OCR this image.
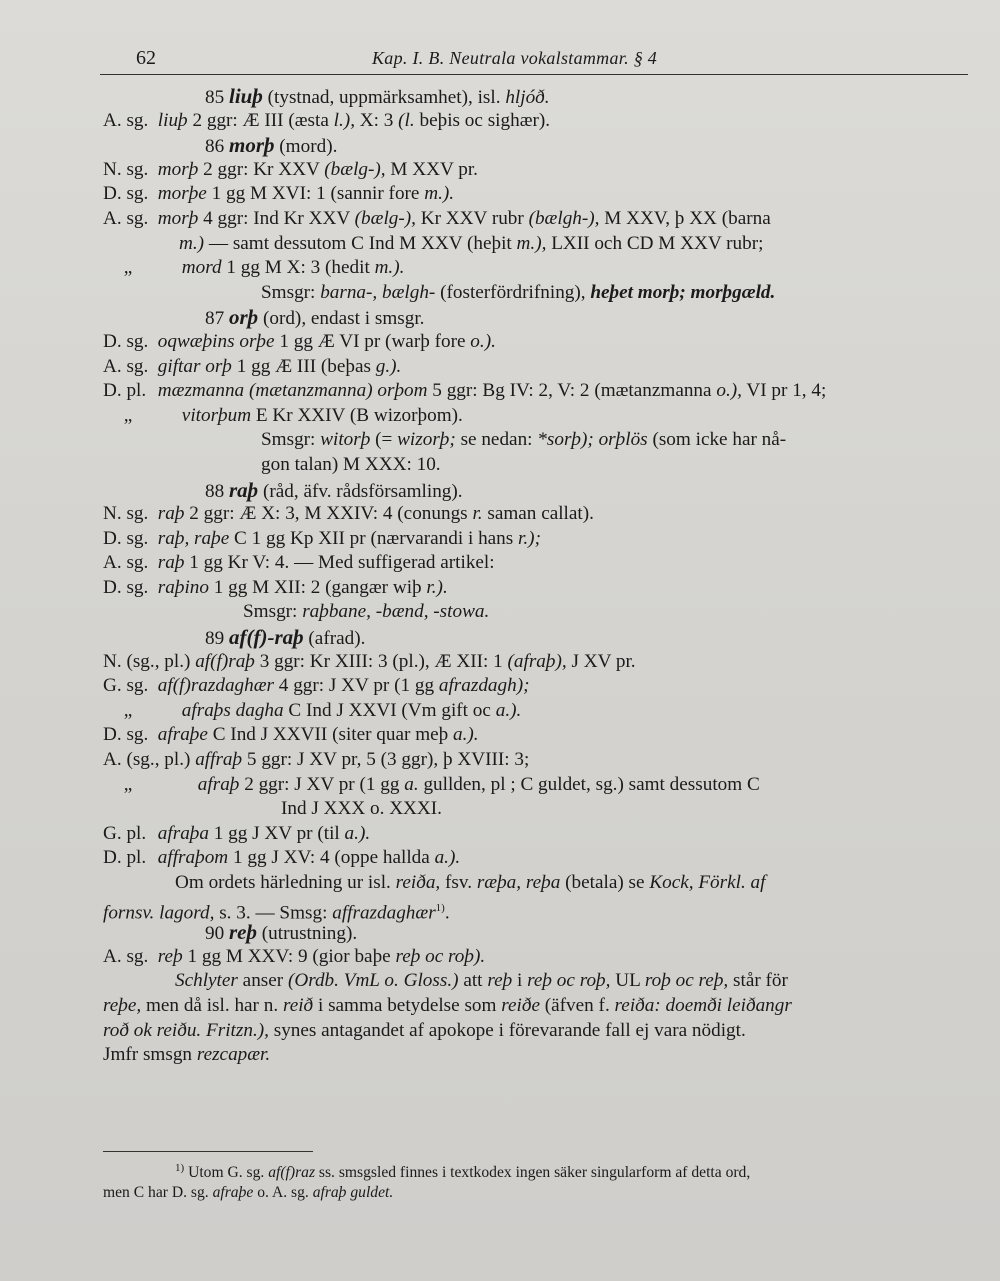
62	Kap. I. B. Neutrala vokalstammar. § 4
85 liuþ (tystnad, uppmärksamhet), isl. hljóð.
A. sg. liuþ 2 ggr: Æ III (æsta l.), X: 3 (l. beþis oc sighær).
86 morþ (mord).
N. sg. morþ 2 ggr: Kr XXV (bælg-), M XXV pr.
D. sg. morþe 1 gg M XVI: 1 (sannir fore m.).
A. sg. morþ 4 ggr: Ind Kr XXV (bælg-), Kr XXV rubr (bælgh-), M XXV, þ XX (barna
m.) — samt dessutom C Ind M XXV (heþit m.), LXII och CD M XXV rubr;
„	mord 1 gg M X: 3 (hedit m.).
Smsgr: barna-, bælgh- (fosterfördrifning), heþet morþ; morþgæld.
87 orþ (ord), endast i smsgr.
D. sg. oqwæþins orþe 1 gg Æ VI pr (warþ fore o.).
A. sg. giftar orþ 1 gg Æ III (beþas g.).
D. pl. mæzmanna (mætanzmanna) orþom 5 ggr: Bg IV: 2, V: 2 (mætanzmanna o.), VI pr 1, 4;
„	vitorþum E Kr XXIV (B wizorþom).
Smsgr: witorþ (= wizorþ; se nedan: *sorþ); orþlös (som icke har nå-
gon talan) M XXX: 10.
88 raþ (råd, äfv. rådsförsamling).
N. sg. raþ 2 ggr: Æ X: 3, M XXIV: 4 (conungs r. saman callat).
D. sg. raþ, raþe C 1 gg Kp XII pr (nærvarandi i hans r.);
A. sg. raþ 1 gg Kr V: 4. — Med suffigerad artikel:
D. sg. raþino 1 gg M XII: 2 (gangær wiþ r.).
Smsgr: raþbane, -bænd, -stowa.
89 af(f)-raþ (afrad).
N. (sg., pl.) af(f)raþ 3 ggr: Kr XIII: 3 (pl.), Æ XII: 1 (afraþ), J XV pr.
G. sg. af(f)razdaghær 4 ggr: J XV pr (1 gg afrazdagh);
„	afraþs dagha C Ind J XXVI (Vm gift oc a.).
D. sg. afraþe C Ind J XXVII (siter quar meþ a.).
A. (sg., pl.) affraþ 5 ggr: J XV pr, 5 (3 ggr), þ XVIII: 3;
„	afraþ 2 ggr: J XV pr (1 gg a. gullden, pl ; C guldet, sg.) samt dessutom C
Ind J XXX o. XXXI.
G. pl. afraþa 1 gg J XV pr (til a.).
D. pl. affraþom 1 gg J XV: 4 (oppe hallda a.).
Om ordets härledning ur isl. reiða, fsv. ræþa, reþa (betala) se Kock, Förkl. af
fornsv. lagord, s. 3. — Smsg: affrazdaghær$^{1)}$.
90 reþ (utrustning).
A. sg. reþ 1 gg M XXV: 9 (gior baþe reþ oc roþ).
Schlyter anser (Ordb. VmL o. Gloss.) att reþ i reþ oc roþ, UL roþ oc reþ, står för
reþe, men då isl. har n. reið i samma betydelse som reiðe (äfven f. reiða: doemði leiðangr
roð ok reiðu. Fritzn.), synes antagandet af apokope i förevarande fall ej vara nödigt.
Jmfr smsgn rezcapær.
$^{1)}$ Utom G. sg. af(f)raz ss. smsgsled finnes i textkodex ingen säker singularform af detta ord,
men C har D. sg. afraþe o. A. sg. afraþ guldet.
